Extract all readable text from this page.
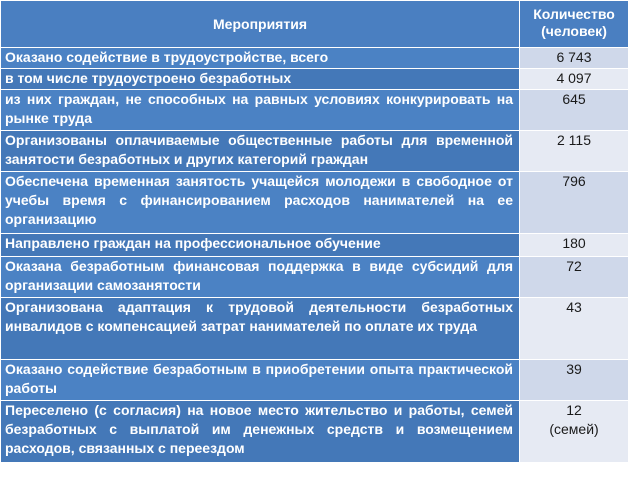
Мероприятия	Количество
(человек)
Оказано содействие в трудоустройстве, всего	6 743
в том числе трудоустроено безработных	4 097
из них граждан, не способных на равных условиях конкурировать на рынке труда	645
Организованы оплачиваемые общественные работы для временной занятости безработных и других категорий граждан	2 115
Обеспечена временная занятость учащейся молодежи в свободное от учебы время с финансированием расходов нанимателей на ее организацию	796
Направлено граждан на профессиональное обучение	180
Оказана безработным финансовая поддержка в виде субсидий для организации самозанятости	72
Организована адаптация к трудовой деятельности безработных инвалидов с компенсацией затрат нанимателей по оплате их труда	43
Оказано содействие безработным в приобретении опыта практической работы	39
Переселено (с согласия) на новое место жительство и работы, семей безработных с выплатой им денежных средств и возмещением расходов, связанных с переездом	12
(семей)
